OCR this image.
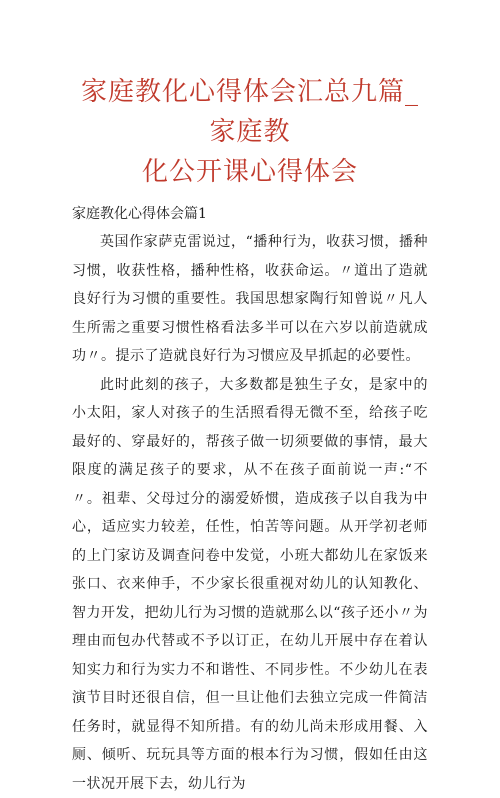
家庭教化心得体会汇总九篇_家庭教
化公开课心得体会

家庭教化心得体会篇1

英国作家萨克雷说过，“播种行为，收获习惯，播种习惯，收获性格，播种性格，收获命运。〃道出了造就良好行为习惯的重要性。我国思想家陶行知曾说〃凡人生所需之重要习惯性格看法多半可以在六岁以前造就成功〃。提示了造就良好行为习惯应及早抓起的必要性。

此时此刻的孩子，大多数都是独生子女，是家中的小太阳，家人对孩子的生活照看得无微不至，给孩子吃最好的、穿最好的，帮孩子做一切须要做的事情，最大限度的满足孩子的要求，从不在孩子面前说一声:“不〃。祖辈、父母过分的溺爱娇惯，造成孩子以自我为中心，适应实力较差，任性，怕苦等问题。从开学初老师的上门家访及调查问卷中发觉，小班大都幼儿在家饭来张口、衣来伸手，不少家长很重视对幼儿的认知教化、智力开发，把幼儿行为习惯的造就那么以“孩子还小〃为理由而包办代替或不予以订正，在幼儿开展中存在着认知实力和行为实力不和谐性、不同步性。不少幼儿在表演节目时还很自信，但一旦让他们去独立完成一件简洁任务时，就显得不知所措。有的幼儿尚未形成用餐、入厕、倾听、玩玩具等方面的根本行为习惯，假如任由这一状况开展下去，幼儿行为
